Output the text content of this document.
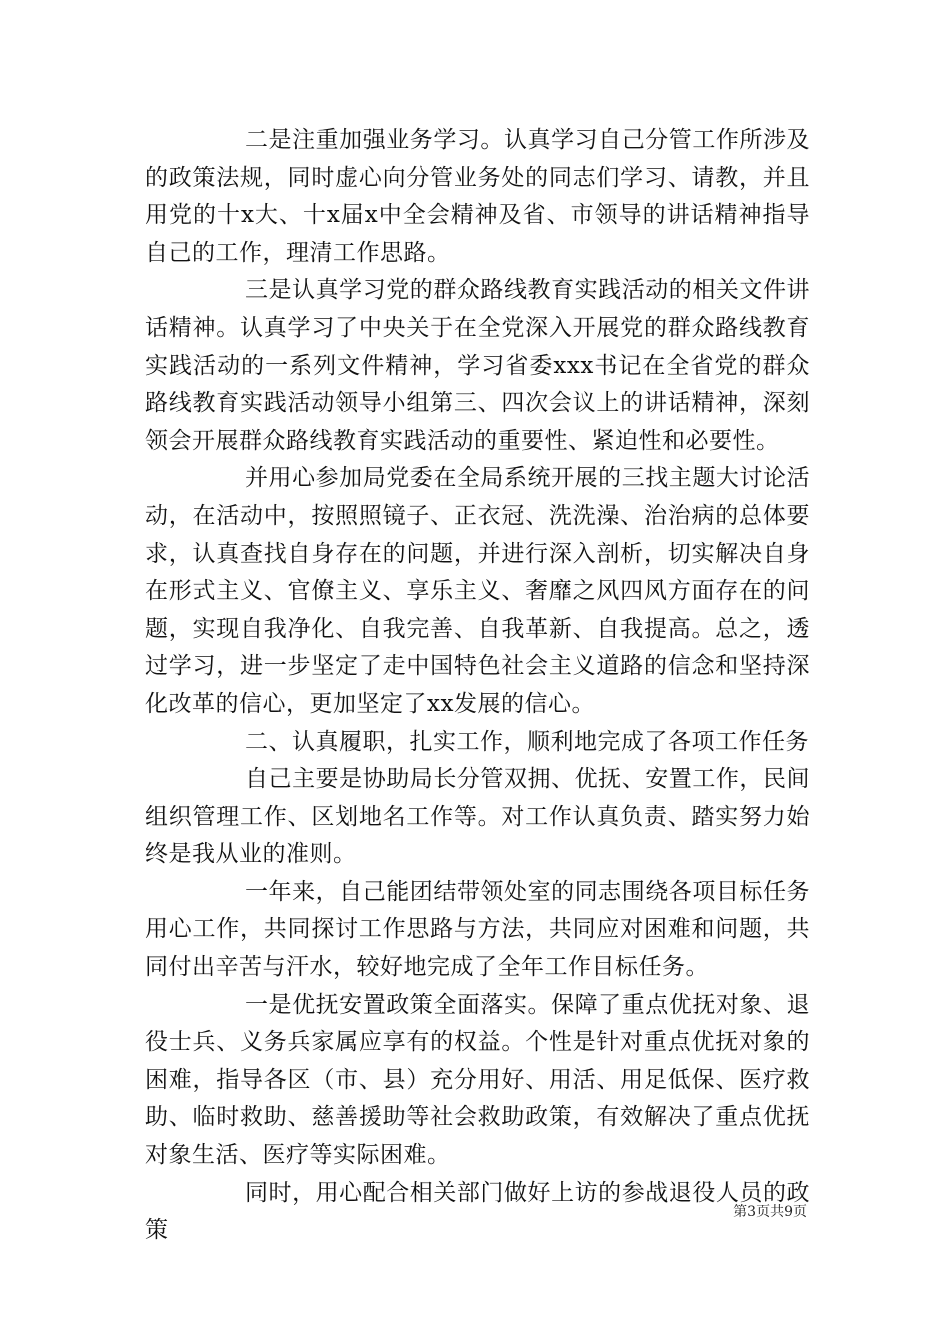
二是注重加强业务学习。认真学习自己分管工作所涉及的政策法规，同时虚心向分管业务处的同志们学习、请教，并且用党的十x大、十x届x中全会精神及省、市领导的讲话精神指导自己的工作，理清工作思路。

三是认真学习党的群众路线教育实践活动的相关文件讲话精神。认真学习了中央关于在全党深入开展党的群众路线教育实践活动的一系列文件精神，学习省委xxx书记在全省党的群众路线教育实践活动领导小组第三、四次会议上的讲话精神，深刻领会开展群众路线教育实践活动的重要性、紧迫性和必要性。

并用心参加局党委在全局系统开展的三找主题大讨论活动，在活动中，按照照镜子、正衣冠、洗洗澡、治治病的总体要求，认真查找自身存在的问题，并进行深入剖析，切实解决自身在形式主义、官僚主义、享乐主义、奢靡之风四风方面存在的问题，实现自我净化、自我完善、自我革新、自我提高。总之，透过学习，进一步坚定了走中国特色社会主义道路的信念和坚持深化改革的信心，更加坚定了xx发展的信心。

二、认真履职，扎实工作，顺利地完成了各项工作任务

自己主要是协助局长分管双拥、优抚、安置工作，民间组织管理工作、区划地名工作等。对工作认真负责、踏实努力始终是我从业的准则。

一年来，自己能团结带领处室的同志围绕各项目标任务用心工作，共同探讨工作思路与方法，共同应对困难和问题，共同付出辛苦与汗水，较好地完成了全年工作目标任务。

一是优抚安置政策全面落实。保障了重点优抚对象、退役士兵、义务兵家属应享有的权益。个性是针对重点优抚对象的困难，指导各区（市、县）充分用好、用活、用足低保、医疗救助、临时救助、慈善援助等社会救助政策，有效解决了重点优抚对象生活、医疗等实际困难。

同时，用心配合相关部门做好上访的参战退役人员的政策

第3页共9页
